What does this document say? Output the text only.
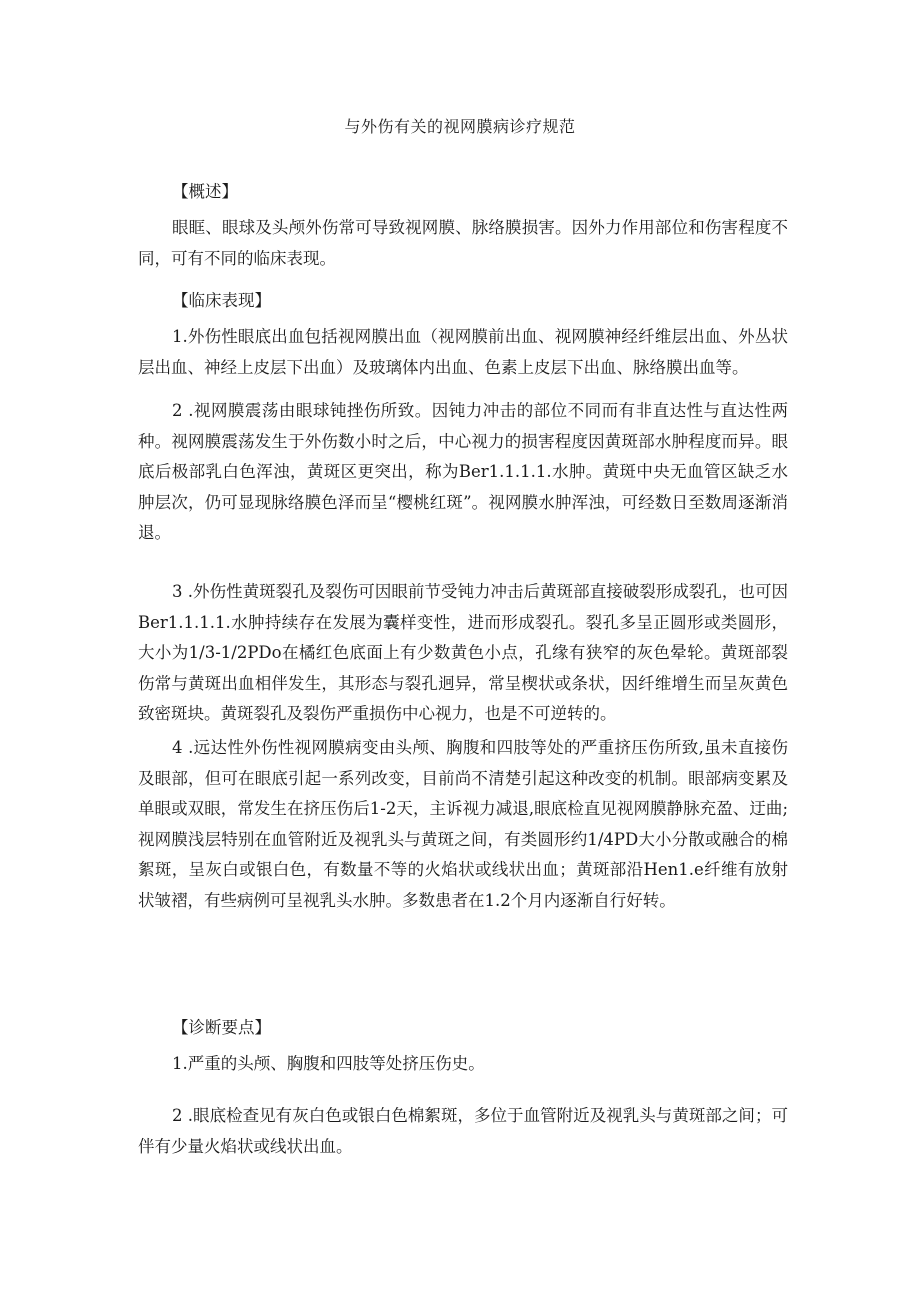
与外伤有关的视网膜病诊疗规范
【概述】

眼眶、眼球及头颅外伤常可导致视网膜、脉络膜损害。因外力作用部位和伤害程度不同，可有不同的临床表现。

【临床表现】

1.外伤性眼底出血包括视网膜出血（视网膜前出血、视网膜神经纤维层出血、外丛状层出血、神经上皮层下出血）及玻璃体内出血、色素上皮层下出血、脉络膜出血等。

2 .视网膜震荡由眼球钝挫伤所致。因钝力冲击的部位不同而有非直达性与直达性两种。视网膜震荡发生于外伤数小时之后，中心视力的损害程度因黄斑部水肿程度而异。眼底后极部乳白色浑浊，黄斑区更突出，称为Ber1.1.1.1.水肿。黄斑中央无血管区缺乏水肿层次，仍可显现脉络膜色泽而呈“樱桃红斑”。视网膜水肿浑浊，可经数日至数周逐渐消退。

3 .外伤性黄斑裂孔及裂伤可因眼前节受钝力冲击后黄斑部直接破裂形成裂孔，也可因Ber1.1.1.1.水肿持续存在发展为囊样变性，进而形成裂孔。裂孔多呈正圆形或类圆形，大小为1/3-1/2PDo在橘红色底面上有少数黄色小点，孔缘有狭窄的灰色晕轮。黄斑部裂伤常与黄斑出血相伴发生，其形态与裂孔迥异，常呈楔状或条状，因纤维增生而呈灰黄色致密斑块。黄斑裂孔及裂伤严重损伤中心视力，也是不可逆转的。

4 .远达性外伤性视网膜病变由头颅、胸腹和四肢等处的严重挤压伤所致,虽未直接伤及眼部，但可在眼底引起一系列改变，目前尚不清楚引起这种改变的机制。眼部病变累及单眼或双眼，常发生在挤压伤后1-2天，主诉视力减退,眼底检直见视网膜静脉充盈、迂曲;视网膜浅层特别在血管附近及视乳头与黄斑之间，有类圆形约1/4PD大小分散或融合的棉絮斑，呈灰白或银白色，有数量不等的火焰状或线状出血；黄斑部沿Hen1.e纤维有放射状皱褶，有些病例可呈视乳头水肿。多数患者在1.2个月内逐渐自行好转。

【诊断要点】

1.严重的头颅、胸腹和四肢等处挤压伤史。

2 .眼底检查见有灰白色或银白色棉絮斑，多位于血管附近及视乳头与黄斑部之间；可伴有少量火焰状或线状出血。
